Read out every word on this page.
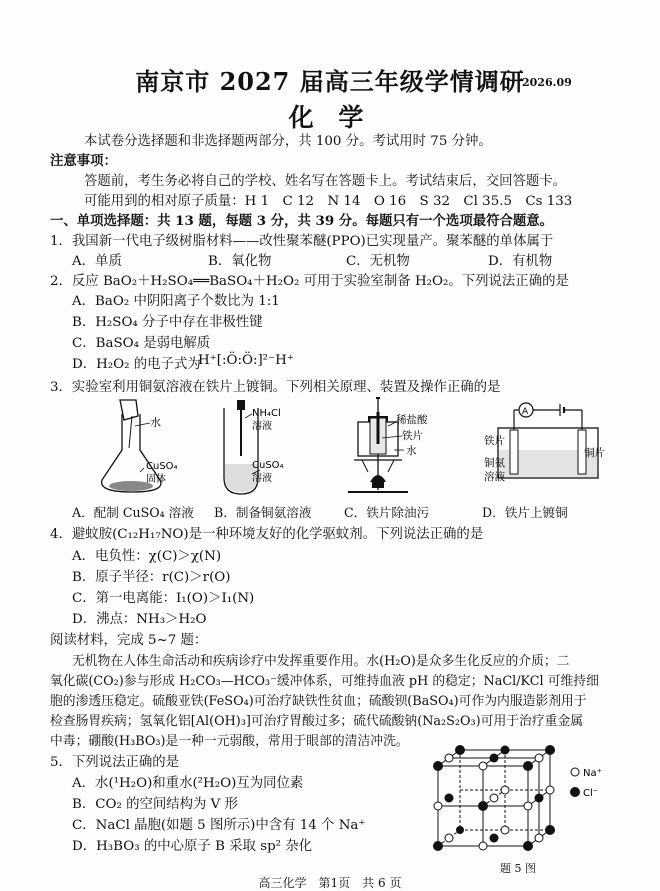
南京市 2027 届高三年级学情调研
2026.09
化 学
本试卷分选择题和非选择题两部分，共 100 分。考试用时 75 分钟。
注意事项：
答题前，考生务必将自己的学校、姓名写在答题卡上。考试结束后，交回答题卡。
可能用到的相对原子质量：H 1　C 12　N 14　O 16　S 32　Cl 35.5　Cs 133
一、单项选择题：共 13 题，每题 3 分，共 39 分。每题只有一个选项最符合题意。
1．我国新一代电子级树脂材料——改性聚苯醚(PPO)已实现量产。聚苯醚的单体属于
A．单质	B．氧化物	C．无机物	D．有机物
2．反应 BaO₂＋H₂SO₄══BaSO₄＋H₂O₂ 可用于实验室制备 H₂O₂。下列说法正确的是
A．BaO₂ 中阴阳离子个数比为 1:1
B．H₂SO₄ 分子中存在非极性键
C．BaSO₄ 是弱电解质
D．H₂O₂ 的电子式为
H⁺[:Ö:Ö:]²⁻H⁺
3．实验室利用铜氨溶液在铁片上镀铜。下列相关原理、装置及操作正确的是
水
CuSO₄
固体
NH₄Cl
溶液
CuSO₄
溶液
稀盐酸
铁片
水
A
铁片
铜片
铜氨
溶液
A．配制 CuSO₄ 溶液 B．制备铜氨溶液	C．铁片除油污	D．铁片上镀铜
4．避蚊胺(C₁₂H₁₇NO)是一种环境友好的化学驱蚊剂。下列说法正确的是
A．电负性：χ(C)＞χ(N)
B．原子半径：r(C)＞r(O)
C．第一电离能：I₁(O)＞I₁(N)
D．沸点：NH₃＞H₂O
阅读材料，完成 5~7 题：
无机物在人体生命活动和疾病诊疗中发挥重要作用。水(H₂O)是众多生化反应的介质；二
氧化碳(CO₂)参与形成 H₂CO₃—HCO₃⁻缓冲体系，可维持血液 pH 的稳定；NaCl/KCl 可维持细
胞的渗透压稳定。硫酸亚铁(FeSO₄)可治疗缺铁性贫血；硫酸钡(BaSO₄)可作为内服造影剂用于
检查肠胃疾病；氢氧化铝[Al(OH)₃]可治疗胃酸过多；硫代硫酸钠(Na₂S₂O₃)可用于治疗重金属
中毒；硼酸(H₃BO₃)是一种一元弱酸，常用于眼部的清洁冲洗。
5．下列说法正确的是
A．水(¹H₂O)和重水(²H₂O)互为同位素
B．CO₂ 的空间结构为 V 形
C．NaCl 晶胞(如题 5 图所示)中含有 14 个 Na⁺
D．H₃BO₃ 的中心原子 B 采取 sp² 杂化
Na⁺
Cl⁻
题 5 图
高三化学　第1页　共 6 页
